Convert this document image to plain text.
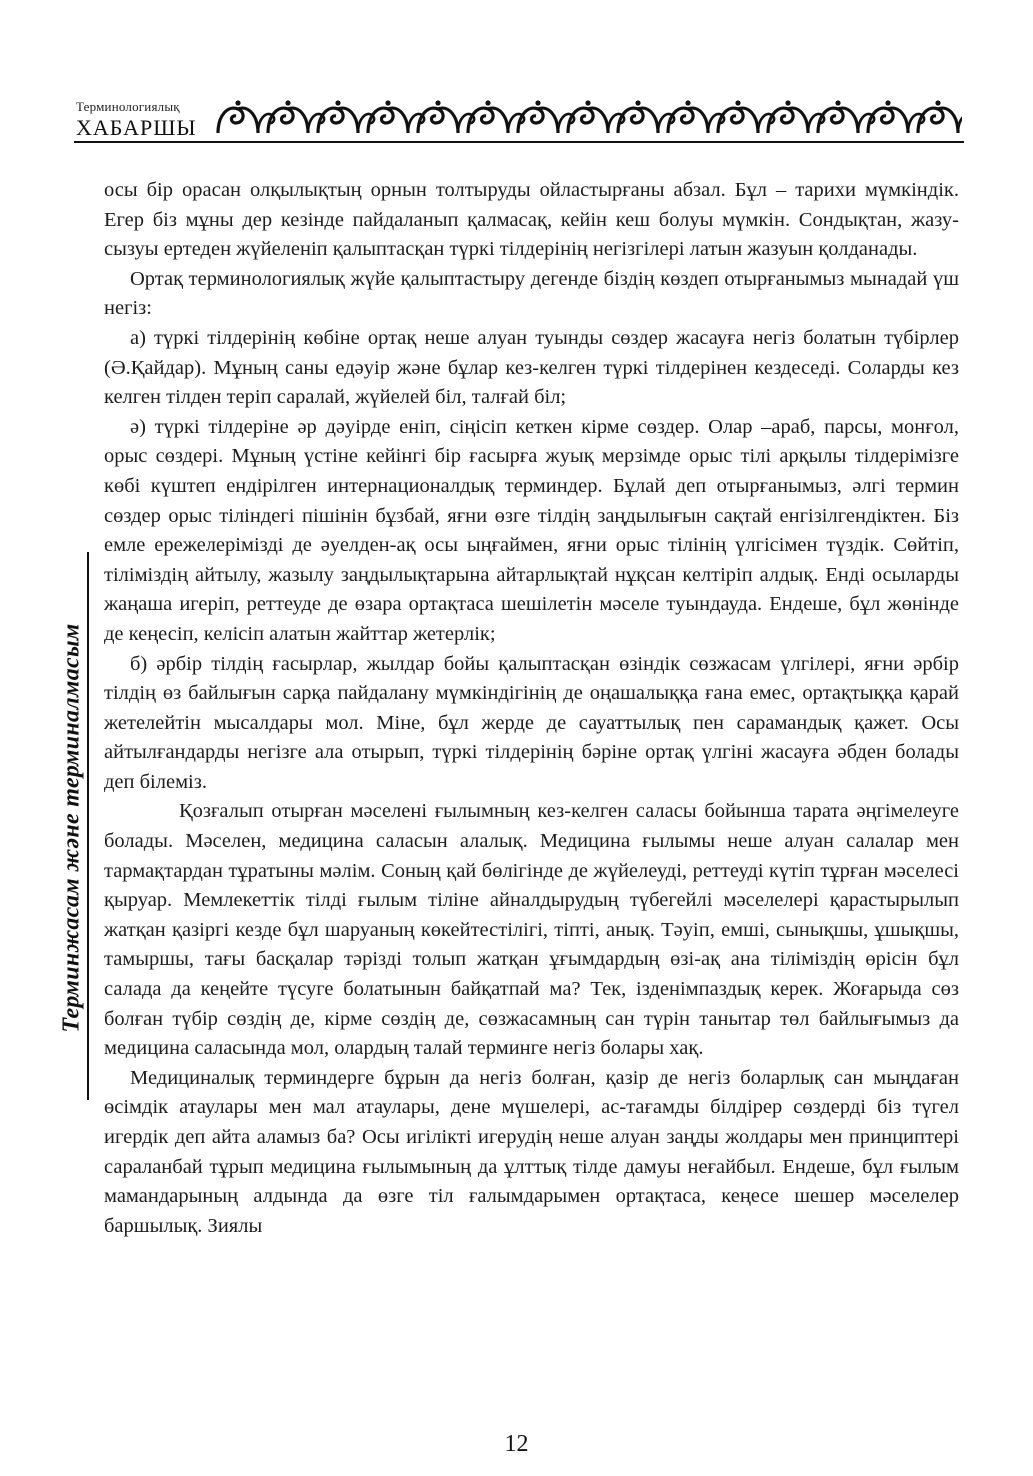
Терминологиялық
ХАБАРШЫ
Терминжасам және терминалмасым

осы бір орасан олқылықтың орнын толтыруды ойластырғаны абзал. Бұл – тарихи мүмкіндік. Егер біз мұны дер кезінде пайдаланып қалмасақ, кейін кеш болуы мүмкін. Сондықтан, жазу-сызуы ертеден жүйеленіп қалыптасқан түркі тілдерінің негізгілері латын жазуын қолданады.

Ортақ терминологиялық жүйе қалыптастыру дегенде біздің көздеп отырғанымыз мынадай үш негіз:

а) түркі тілдерінің көбіне ортақ неше алуан туынды сөздер жасауға негіз болатын түбірлер (Ә.Қайдар). Мұның саны едәуір және бұлар кез-келген түркі тілдерінен кездеседі. Соларды кез келген тілден теріп саралай, жүйелей біл, талғай біл;

ә) түркі тілдеріне әр дәуірде еніп, сіңісіп кеткен кірме сөздер. Олар –араб, парсы, монғол, орыс сөздері. Мұның үстіне кейінгі бір ғасырға жуық мерзімде орыс тілі арқылы тілдерімізге көбі күштеп ендірілген интернационалдық терминдер. Бұлай деп отырғанымыз, әлгі термин сөздер орыс тіліндегі пішінін бұзбай, яғни өзге тілдің заңдылығын сақтай енгізілгендіктен. Біз емле ережелерімізді де әуелден-ақ осы ыңғаймен, яғни орыс тілінің үлгісімен түздік. Сөйтіп, тіліміздің айтылу, жазылу заңдылықтарына айтарлықтай нұқсан келтіріп алдық. Енді осыларды жаңаша игеріп, реттеуде де өзара ортақтаса шешілетін мәселе туындауда. Ендеше, бұл жөнінде де кеңесіп, келісіп алатын жайттар жетерлік;

б) әрбір тілдің ғасырлар, жылдар бойы қалыптасқан өзіндік сөзжасам үлгілері, яғни әрбір тілдің өз байлығын сарқа пайдалану мүмкіндігінің де оңашалыққа ғана емес, ортақтыққа қарай жетелейтін мысалдары мол. Міне, бұл жерде де сауаттылық пен сарамандық қажет. Осы айтылғандарды негізге ала отырып, түркі тілдерінің бәріне ортақ үлгіні жасауға әбден болады деп білеміз.

Қозғалып отырған мәселені ғылымның кез-келген саласы бойынша тарата әңгімелеуге болады. Мәселен, медицина саласын алалық. Медицина ғылымы неше алуан салалар мен тармақтардан тұратыны мәлім. Соның қай бөлігінде де жүйелеуді, реттеуді күтіп тұрған мәселесі қыруар. Мемлекеттік тілді ғылым тіліне айналдырудың түбегейлі мәселелері қарастырылып жатқан қазіргі кезде бұл шаруаның көкейтестілігі, тіпті, анық. Тәуіп, емші, сынықшы, ұшықшы, тамыршы, тағы басқалар тәрізді толып жатқан ұғымдардың өзі-ақ ана тіліміздің өрісін бұл салада да кеңейте түсуге болатынын байқатпай ма? Тек, ізденімпаздық керек. Жоғарыда сөз болған түбір сөздің де, кірме сөздің де, сөзжасамның сан түрін танытар төл байлығымыз да медицина саласында мол, олардың талай терминге негіз болары хақ.

Медициналық терминдерге бұрын да негіз болған, қазір де негіз боларлық сан мыңдаған өсімдік атаулары мен мал атаулары, дене мүшелері, ас-тағамды білдірер сөздерді біз түгел игердік деп айта аламыз ба? Осы игілікті игерудің неше алуан заңды жолдары мен принциптері сараланбай тұрып медицина ғылымының да ұлттық тілде дамуы неғайбыл. Ендеше, бұл ғылым мамандарының алдында да өзге тіл ғалымдарымен ортақтаса, кеңесе шешер мәселелер баршылық. Зиялы

12
